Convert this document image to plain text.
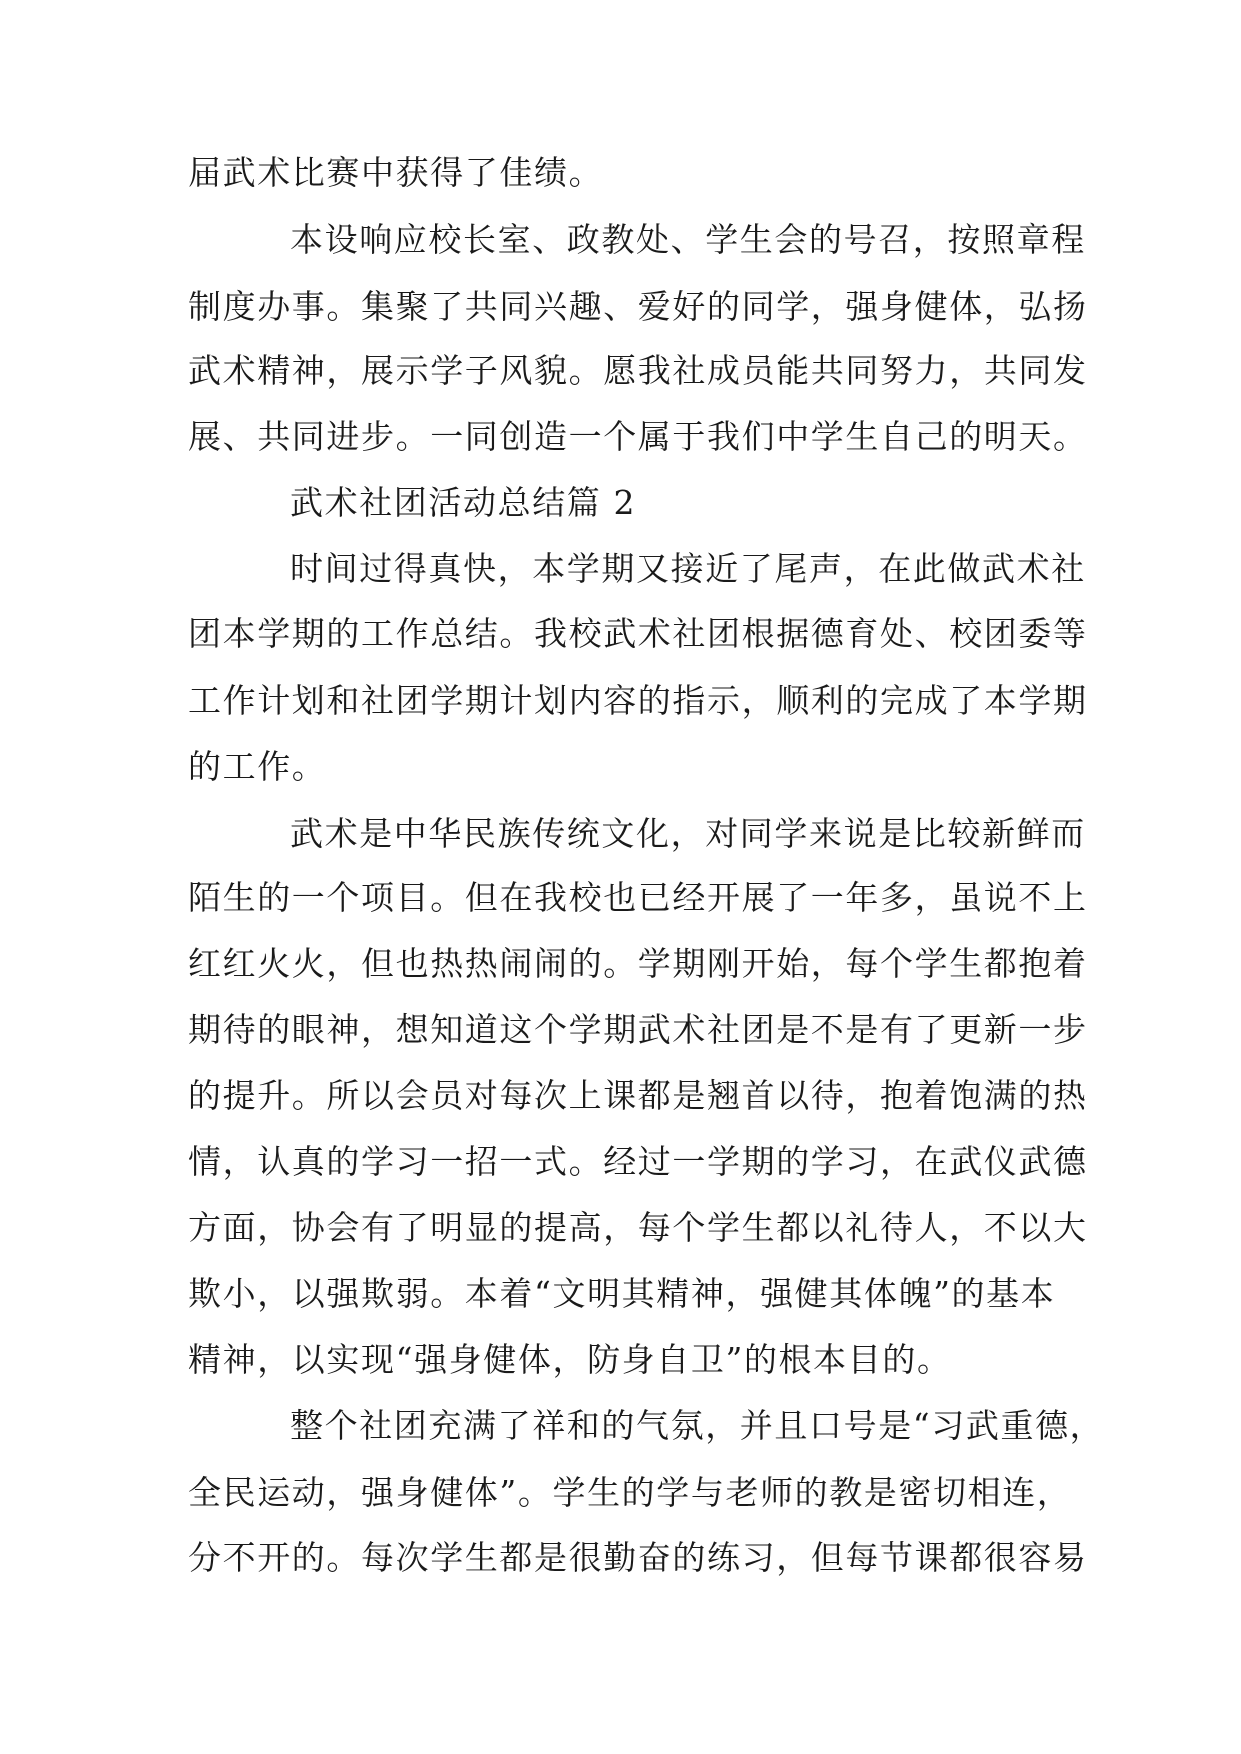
届武术比赛中获得了佳绩。
本设响应校长室、政教处、学生会的号召，按照章程
制度办事。集聚了共同兴趣、爱好的同学，强身健体，弘扬
武术精神，展示学子风貌。愿我社成员能共同努力，共同发
展、共同进步。一同创造一个属于我们中学生自己的明天。
武术社团活动总结篇 2
时间过得真快，本学期又接近了尾声，在此做武术社
团本学期的工作总结。我校武术社团根据德育处、校团委等
工作计划和社团学期计划内容的指示，顺利的完成了本学期
的工作。
武术是中华民族传统文化，对同学来说是比较新鲜而
陌生的一个项目。但在我校也已经开展了一年多，虽说不上
红红火火，但也热热闹闹的。学期刚开始，每个学生都抱着
期待的眼神，想知道这个学期武术社团是不是有了更新一步
的提升。所以会员对每次上课都是翘首以待，抱着饱满的热
情，认真的学习一招一式。经过一学期的学习，在武仪武德
方面，协会有了明显的提高，每个学生都以礼待人，不以大
欺小，以强欺弱。本着“文明其精神，强健其体魄”的基本
精神，以实现“强身健体，防身自卫”的根本目的。
整个社团充满了祥和的气氛，并且口号是“习武重德，
全民运动，强身健体”。学生的学与老师的教是密切相连，
分不开的。每次学生都是很勤奋的练习，但每节课都很容易
